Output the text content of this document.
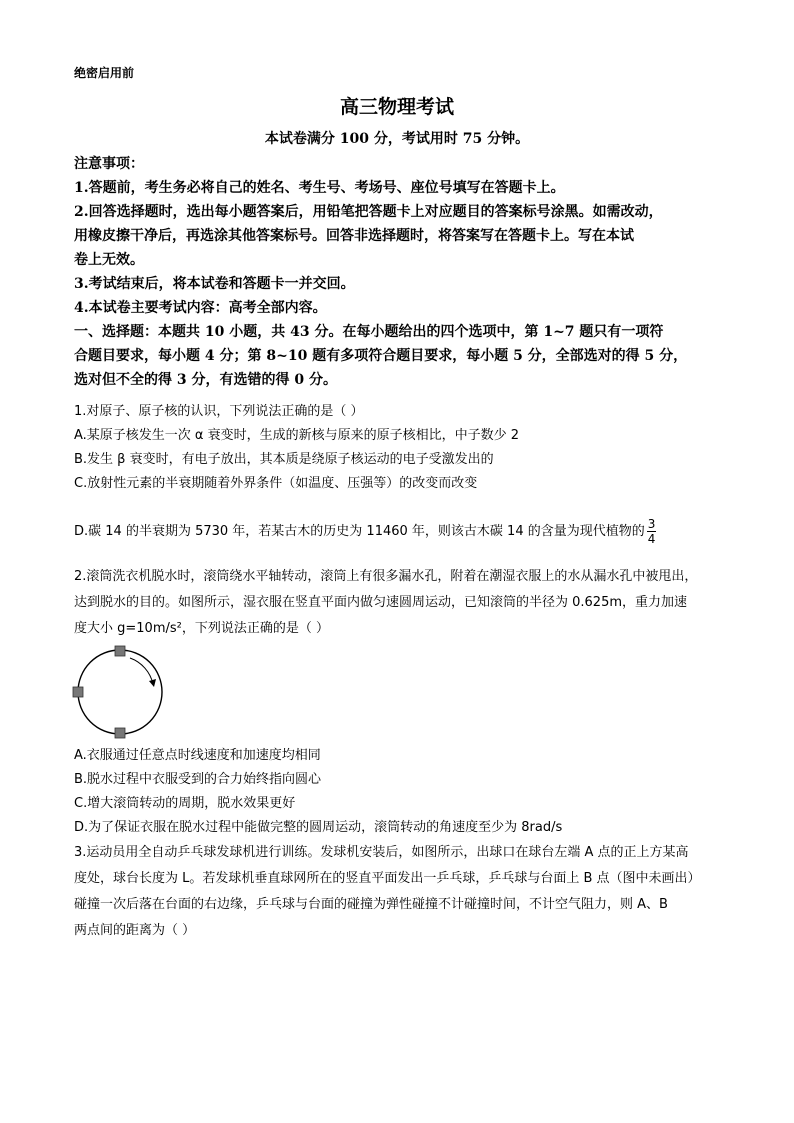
绝密启用前
高三物理考试
本试卷满分 100 分，考试用时 75 分钟。
注意事项：
1.答题前，考生务必将自己的姓名、考生号、考场号、座位号填写在答题卡上。
2.回答选择题时，选出每小题答案后，用铅笔把答题卡上对应题目的答案标号涂黑。如需改动，
用橡皮擦干净后，再选涂其他答案标号。回答非选择题时，将答案写在答题卡上。写在本试
卷上无效。
3.考试结束后，将本试卷和答题卡一并交回。
4.本试卷主要考试内容：高考全部内容。
一、选择题：本题共 10 小题，共 43 分。在每小题给出的四个选项中，第 1~7 题只有一项符
合题目要求，每小题 4 分；第 8~10 题有多项符合题目要求，每小题 5 分，全部选对的得 5 分，
选对但不全的得 3 分，有选错的得 0 分。
1.对原子、原子核的认识，下列说法正确的是（ ）
A.某原子核发生一次 α 衰变时，生成的新核与原来的原子核相比，中子数少 2
B.发生 β 衰变时，有电子放出，其本质是绕原子核运动的电子受激发出的
C.放射性元素的半衰期随着外界条件（如温度、压强等）的改变而改变
D.碳 14 的半衰期为 5730 年，若某古木的历史为 11460 年，则该古木碳 14 的含量为现代植物的 $\frac{3}{4}$
2.滚筒洗衣机脱水时，滚筒绕水平轴转动，滚筒上有很多漏水孔，附着在潮湿衣服上的水从漏水孔中被甩出，
达到脱水的目的。如图所示，湿衣服在竖直平面内做匀速圆周运动，已知滚筒的半径为 0.625m，重力加速
度大小 g=10m/s²，下列说法正确的是（ ）
A.衣服通过任意点时线速度和加速度均相同
B.脱水过程中衣服受到的合力始终指向圆心
C.增大滚筒转动的周期，脱水效果更好
D.为了保证衣服在脱水过程中能做完整的圆周运动，滚筒转动的角速度至少为 8rad/s
3.运动员用全自动乒乓球发球机进行训练。发球机安装后，如图所示，出球口在球台左端 A 点的正上方某高
度处，球台长度为 L。若发球机垂直球网所在的竖直平面发出一乒乓球，乒乓球与台面上 B 点（图中未画出）
碰撞一次后落在台面的右边缘，乒乓球与台面的碰撞为弹性碰撞不计碰撞时间，不计空气阻力，则 A、B
两点间的距离为（ ）
